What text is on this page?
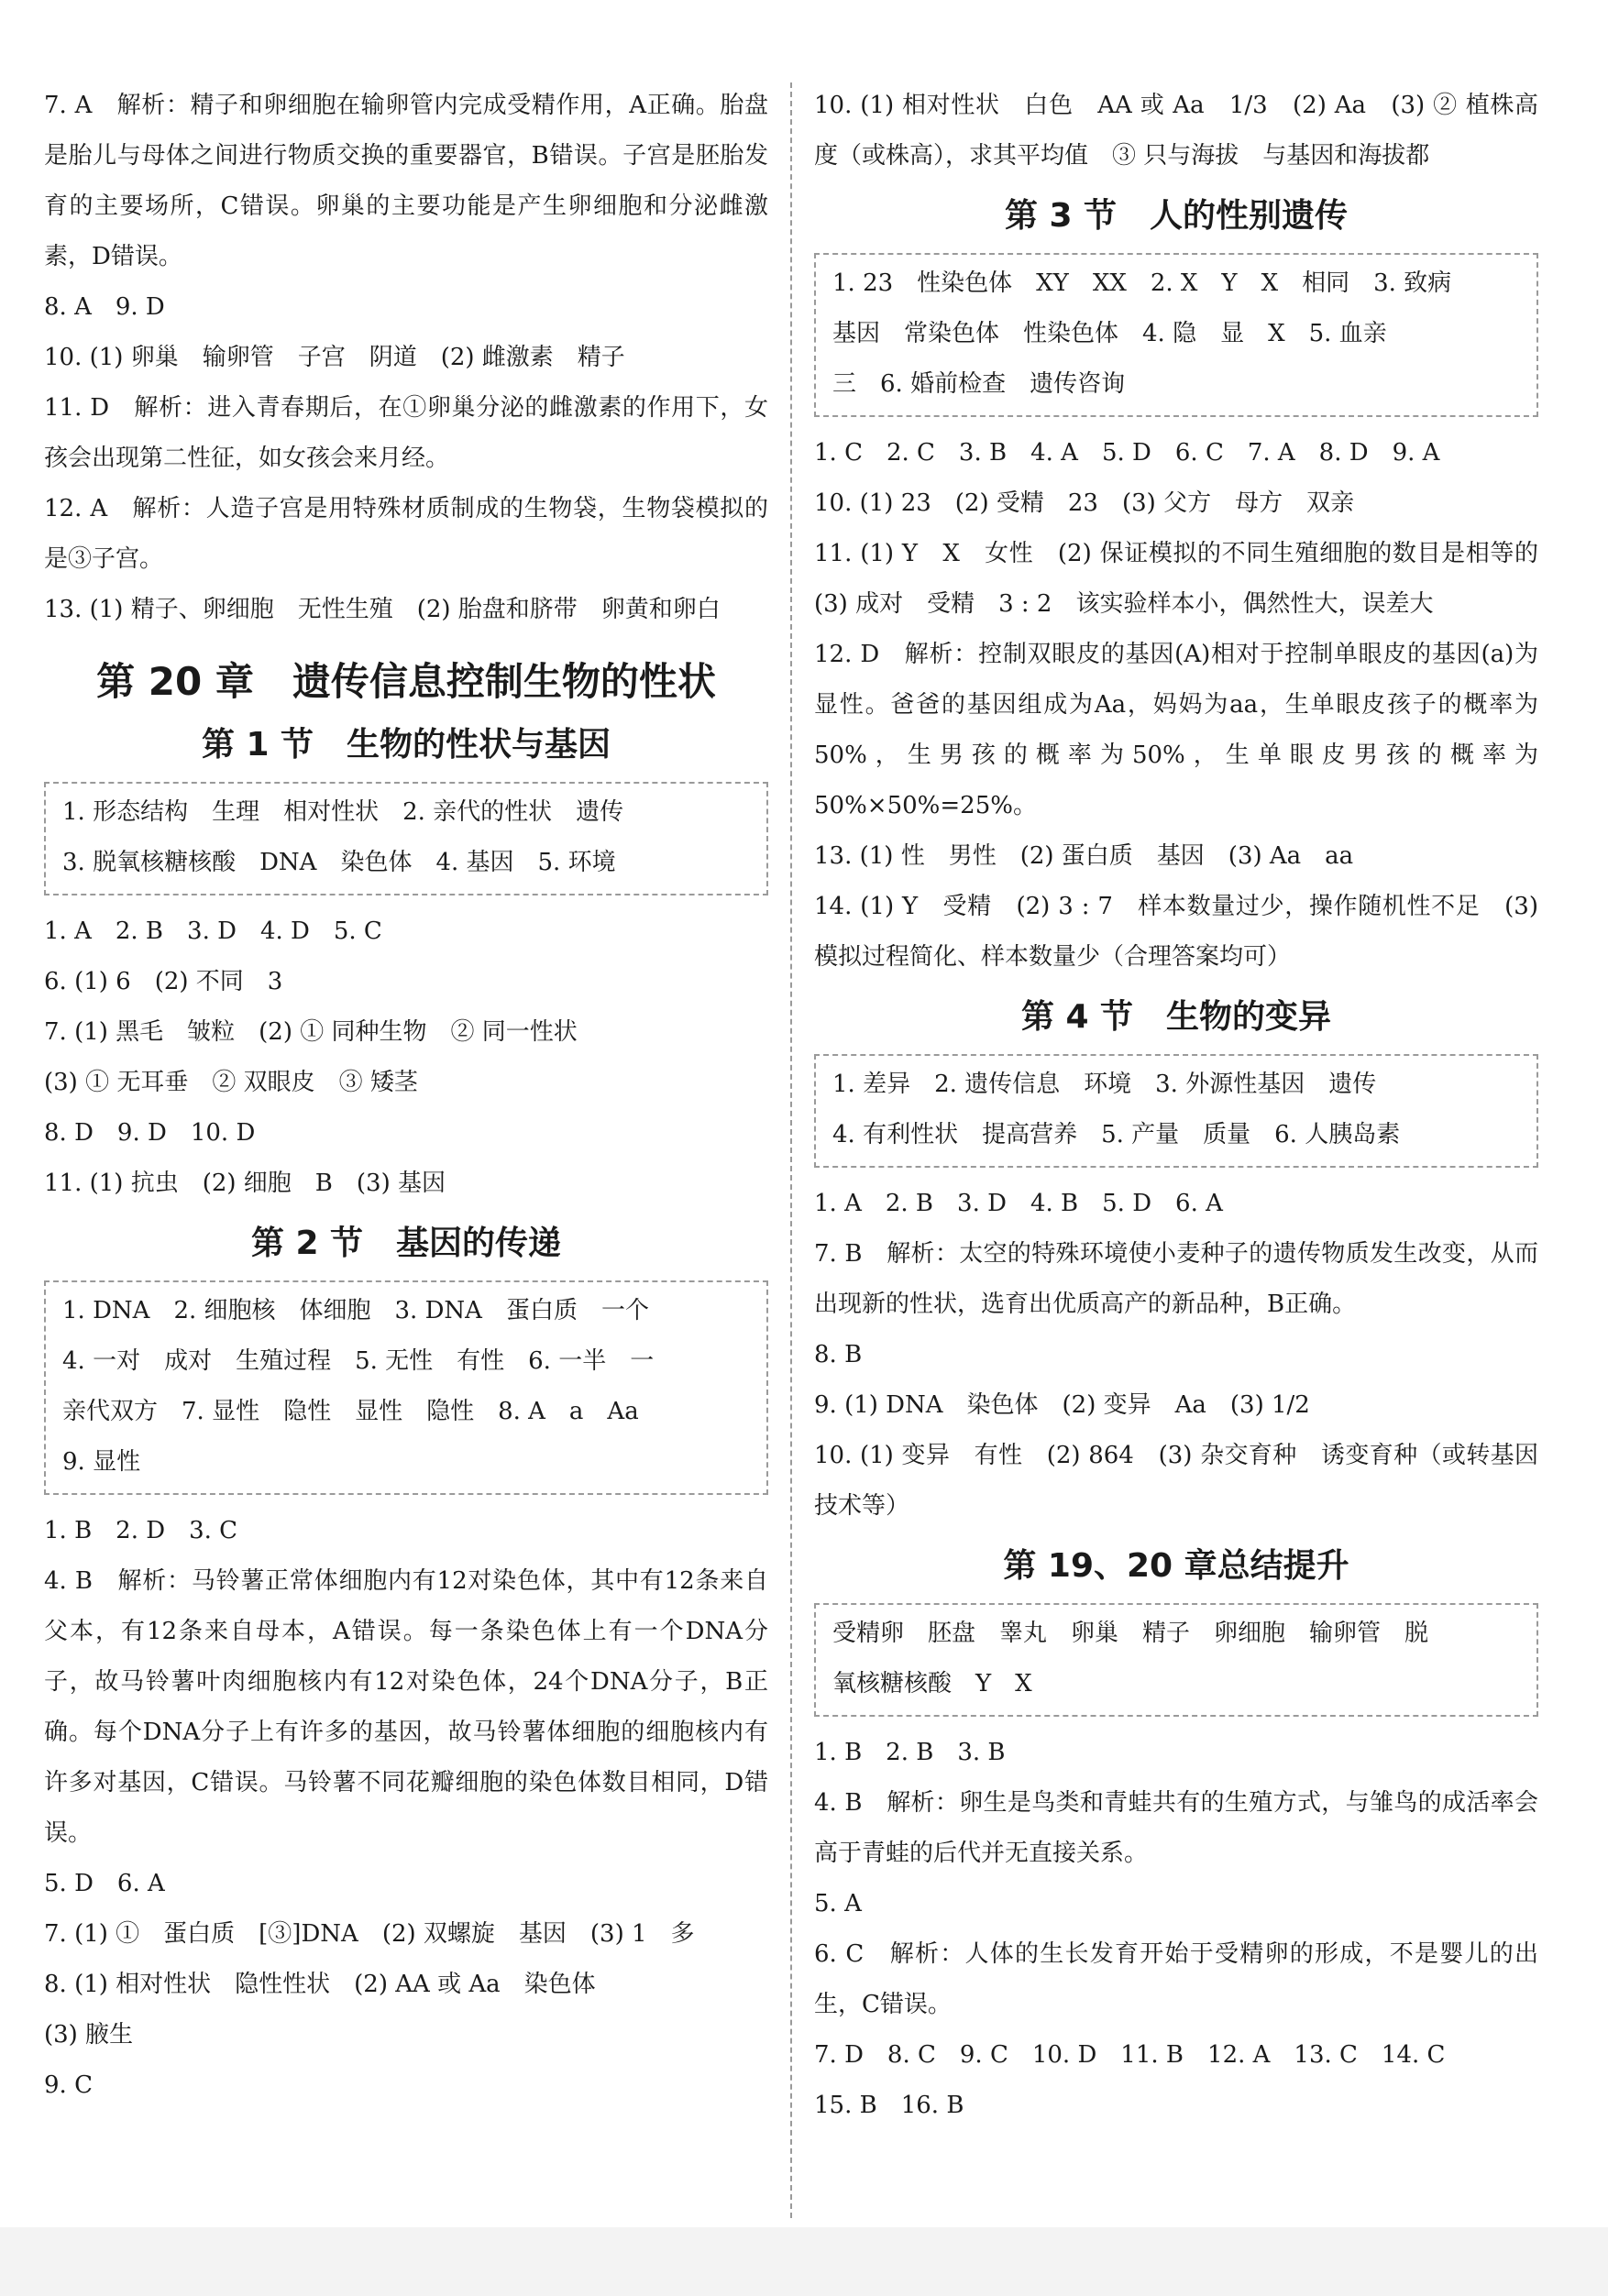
7. A　解析：精子和卵细胞在输卵管内完成受精作用，A正确。胎盘是胎儿与母体之间进行物质交换的重要器官，B错误。子宫是胚胎发育的主要场所，C错误。卵巢的主要功能是产生卵细胞和分泌雌激素，D错误。

8. A　9. D

10. (1) 卵巢　输卵管　子宫　阴道　(2) 雌激素　精子

11. D　解析：进入青春期后，在①卵巢分泌的雌激素的作用下，女孩会出现第二性征，如女孩会来月经。

12. A　解析：人造子宫是用特殊材质制成的生物袋，生物袋模拟的是③子宫。

13. (1) 精子、卵细胞　无性生殖　(2) 胎盘和脐带　卵黄和卵白

第 20 章　遗传信息控制生物的性状
第 1 节　生物的性状与基因

1. 形态结构　生理　相对性状　2. 亲代的性状　遗传

3. 脱氧核糖核酸　DNA　染色体　4. 基因　5. 环境

1. A　2. B　3. D　4. D　5. C

6. (1) 6　(2) 不同　3

7. (1) 黑毛　皱粒　(2) ① 同种生物　② 同一性状

(3) ① 无耳垂　② 双眼皮　③ 矮茎

8. D　9. D　10. D

11. (1) 抗虫　(2) 细胞　B　(3) 基因

第 2 节　基因的传递

1. DNA　2. 细胞核　体细胞　3. DNA　蛋白质　一个

4. 一对　成对　生殖过程　5. 无性　有性　6. 一半　一

亲代双方　7. 显性　隐性　显性　隐性　8. A　a　Aa

9. 显性

1. B　2. D　3. C

4. B　解析：马铃薯正常体细胞内有12对染色体，其中有12条来自父本，有12条来自母本，A错误。每一条染色体上有一个DNA分子，故马铃薯叶肉细胞核内有12对染色体，24个DNA分子，B正确。每个DNA分子上有许多的基因，故马铃薯体细胞的细胞核内有许多对基因，C错误。马铃薯不同花瓣细胞的染色体数目相同，D错误。

5. D　6. A

7. (1) ①　蛋白质　[③]DNA　(2) 双螺旋　基因　(3) 1　多

8. (1) 相对性状　隐性性状　(2) AA 或 Aa　染色体

(3) 腋生

9. C

10. (1) 相对性状　白色　AA 或 Aa　1/3　(2) Aa　(3) ② 植株高度（或株高），求其平均值　③ 只与海拔　与基因和海拔都

第 3 节　人的性别遗传

1. 23　性染色体　XY　XX　2. X　Y　X　相同　3. 致病

基因　常染色体　性染色体　4. 隐　显　X　5. 血亲

三　6. 婚前检查　遗传咨询

1. C　2. C　3. B　4. A　5. D　6. C　7. A　8. D　9. A

10. (1) 23　(2) 受精　23　(3) 父方　母方　双亲

11. (1) Y　X　女性　(2) 保证模拟的不同生殖细胞的数目是相等的　(3) 成对　受精　3 : 2　该实验样本小，偶然性大，误差大

12. D　解析：控制双眼皮的基因(A)相对于控制单眼皮的基因(a)为显性。爸爸的基因组成为Aa，妈妈为aa，生单眼皮孩子的概率为50%，生男孩的概率为50%，生单眼皮男孩的概率为50%×50%=25%。

13. (1) 性　男性　(2) 蛋白质　基因　(3) Aa　aa

14. (1) Y　受精　(2) 3 : 7　样本数量过少，操作随机性不足　(3) 模拟过程简化、样本数量少（合理答案均可）

第 4 节　生物的变异

1. 差异　2. 遗传信息　环境　3. 外源性基因　遗传

4. 有利性状　提高营养　5. 产量　质量　6. 人胰岛素

1. A　2. B　3. D　4. B　5. D　6. A

7. B　解析：太空的特殊环境使小麦种子的遗传物质发生改变，从而出现新的性状，选育出优质高产的新品种，B正确。

8. B

9. (1) DNA　染色体　(2) 变异　Aa　(3) 1/2

10. (1) 变异　有性　(2) 864　(3) 杂交育种　诱变育种（或转基因技术等）

第 19、20 章总结提升

受精卵　胚盘　睾丸　卵巢　精子　卵细胞　输卵管　脱

氧核糖核酸　Y　X

1. B　2. B　3. B

4. B　解析：卵生是鸟类和青蛙共有的生殖方式，与雏鸟的成活率会高于青蛙的后代并无直接关系。

5. A

6. C　解析：人体的生长发育开始于受精卵的形成，不是婴儿的出生，C错误。

7. D　8. C　9. C　10. D　11. B　12. A　13. C　14. C

15. B　16. B
